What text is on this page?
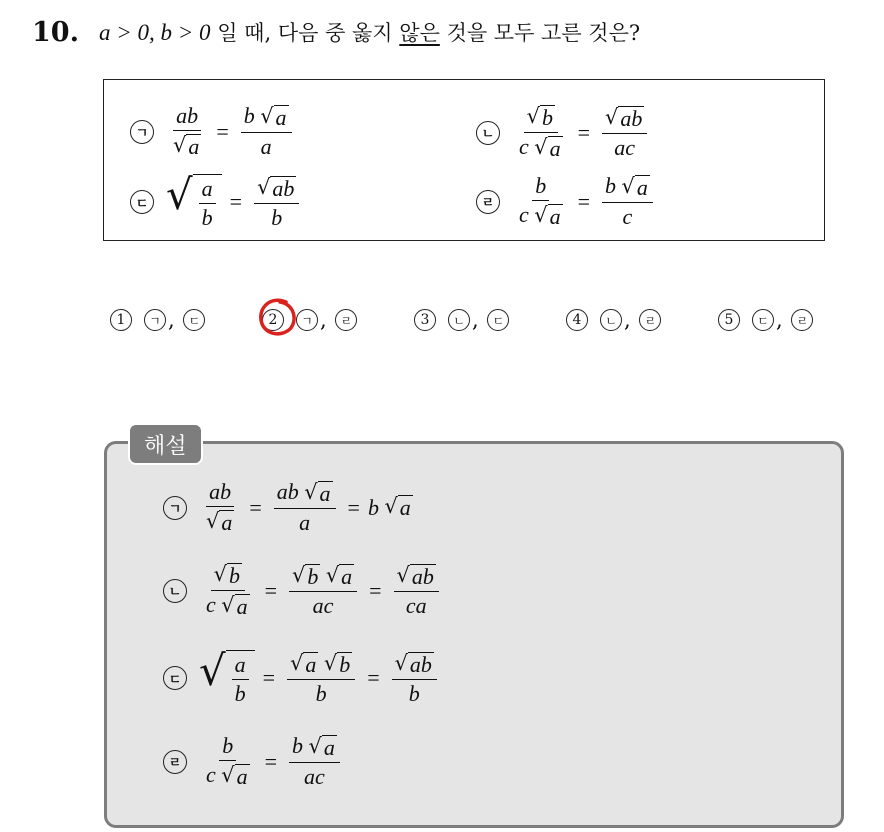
10. a > 0, b > 0 일 때, 다음 중 옳지 않은 것을 모두 고른 것은?
ㄱ $\frac{ab}{√ a} = \frac{b √ a}{a}$	ㄴ $\frac{√ b}{c √ a} = \frac{√ ab}{ac}$
ㄷ √ $\frac{a}{b} = \frac{√ ab}{b}$	ㄹ $\frac{b}{c √ a} = \frac{b √ a}{c}$
1	ㄱ , ㄷ	2	ㄱ , ㄹ	3	ㄴ , ㄷ	4	ㄴ , ㄹ	5	ㄷ , ㄹ
해설
ㄱ $\frac{ab}{√ a} = \frac{ab √ a}{a} = b$
√ a
ㄴ $\frac{√ b}{c √ a}$ = √ b
√ a
ac = $\frac{√ ab}{ca}$
ㄷ √ $\frac{a}{b}$ = √ a
√ b
$b = \frac{√ ab}{b}$
ㄹ $\frac{b}{c √ a} = \frac{b √ a}{ac}$
